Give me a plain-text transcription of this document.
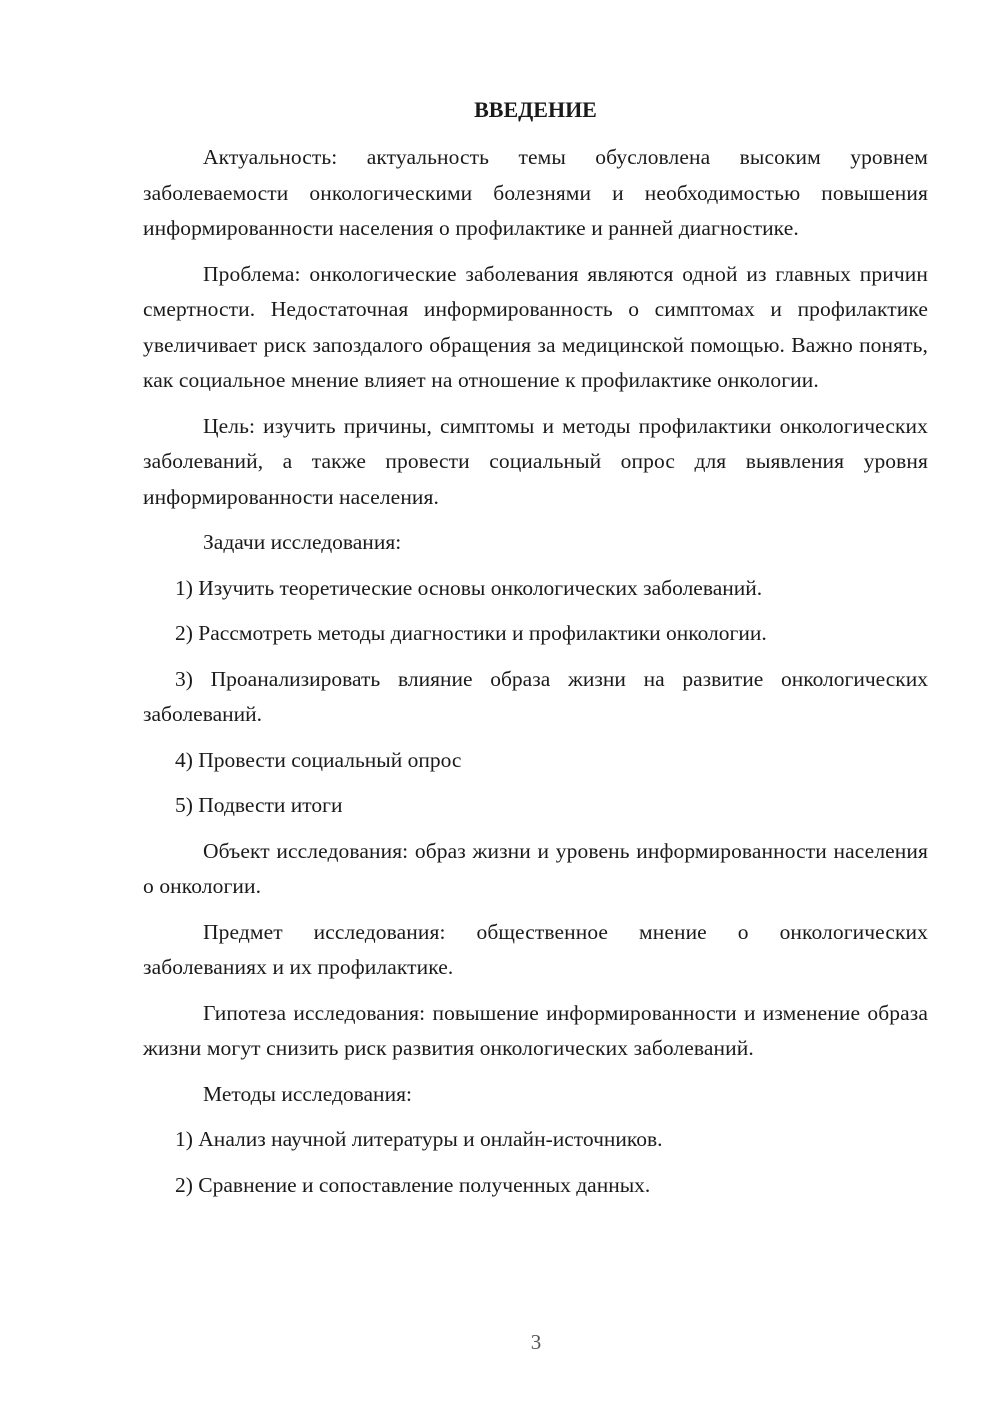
ВВЕДЕНИЕ

Актуальность: актуальность темы обусловлена высоким уровнем заболеваемости онкологическими болезнями и необходимостью повышения информированности населения о профилактике и ранней диагностике.

Проблема: онкологические заболевания являются одной из главных причин смертности. Недостаточная информированность о симптомах и профилактике увеличивает риск запоздалого обращения за медицинской помощью. Важно понять, как социальное мнение влияет на отношение к профилактике онкологии.

Цель: изучить причины, симптомы и методы профилактики онкологических заболеваний, а также провести социальный опрос для выявления уровня информированности населения.

Задачи исследования:

1) Изучить теоретические основы онкологических заболеваний.

2) Рассмотреть методы диагностики и профилактики онкологии.

3) Проанализировать влияние образа жизни на развитие онкологических заболеваний.

4) Провести социальный опрос

5) Подвести итоги

Объект исследования: образ жизни и уровень информированности населения о онкологии.

Предмет исследования: общественное мнение о онкологических заболеваниях и их профилактике.

Гипотеза исследования: повышение информированности и изменение образа жизни могут снизить риск развития онкологических заболеваний.

Методы исследования:

1) Анализ научной литературы и онлайн-источников.

2) Сравнение и сопоставление полученных данных.

3
